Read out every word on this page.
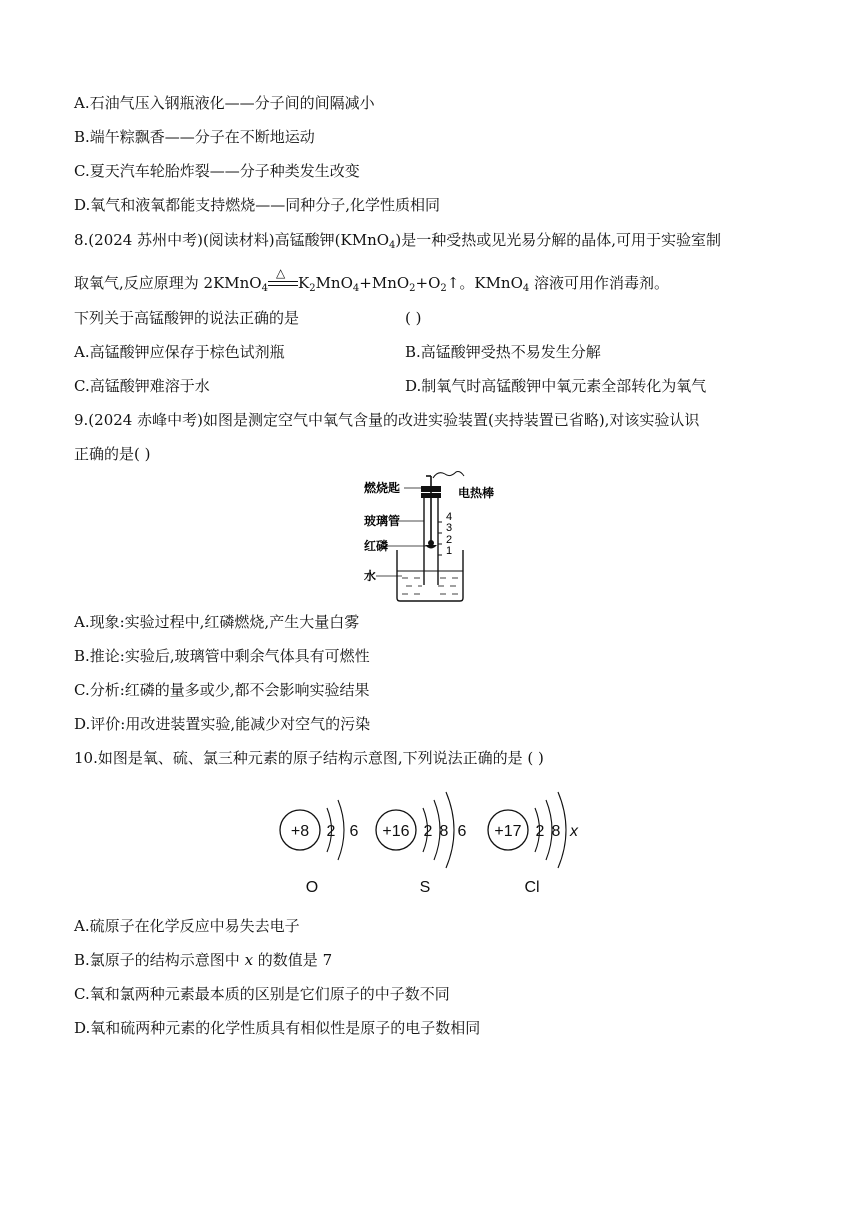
A.石油气压入钢瓶液化——分子间的间隔减小
B.端午粽飘香——分子在不断地运动
C.夏天汽车轮胎炸裂——分子种类发生改变
D.氧气和液氧都能支持燃烧——同种分子,化学性质相同
8.(2024 苏州中考)(阅读材料)高锰酸钾(KMnO$_4$)是一种受热或见光易分解的晶体,可用于实验室制
取氧气,反应原理为 2KMnO$_4$
△
$K_2MnO_4+MnO_2+O_2↑$。KMnO$_4$ 溶液可用作消毒剂。
下列关于高锰酸钾的说法正确的是	( )
A.高锰酸钾应保存于棕色试剂瓶	B.高锰酸钾受热不易发生分解
C.高锰酸钾难溶于水	D.制氧气时高锰酸钾中氧元素全部转化为氧气
9.(2024 赤峰中考)如图是测定空气中氧气含量的改进实验装置(夹持装置已省略),对该实验认识
正确的是( )
4
3
2
1
燃烧匙	电热棒
玻璃管
红磷
水
A.现象:实验过程中,红磷燃烧,产生大量白雾
B.推论:实验后,玻璃管中剩余气体具有可燃性
C.分析:红磷的量多或少,都不会影响实验结果
D.评价:用改进装置实验,能减少对空气的污染
10.如图是氧、硫、氯三种元素的原子结构示意图,下列说法正确的是 ( )
+8 2 6
O
+16 2 8 6
S
+17 2 8 x
Cl
A.硫原子在化学反应中易失去电子
B.氯原子的结构示意图中 x 的数值是 7
C.氧和氯两种元素最本质的区别是它们原子的中子数不同
D.氧和硫两种元素的化学性质具有相似性是原子的电子数相同
